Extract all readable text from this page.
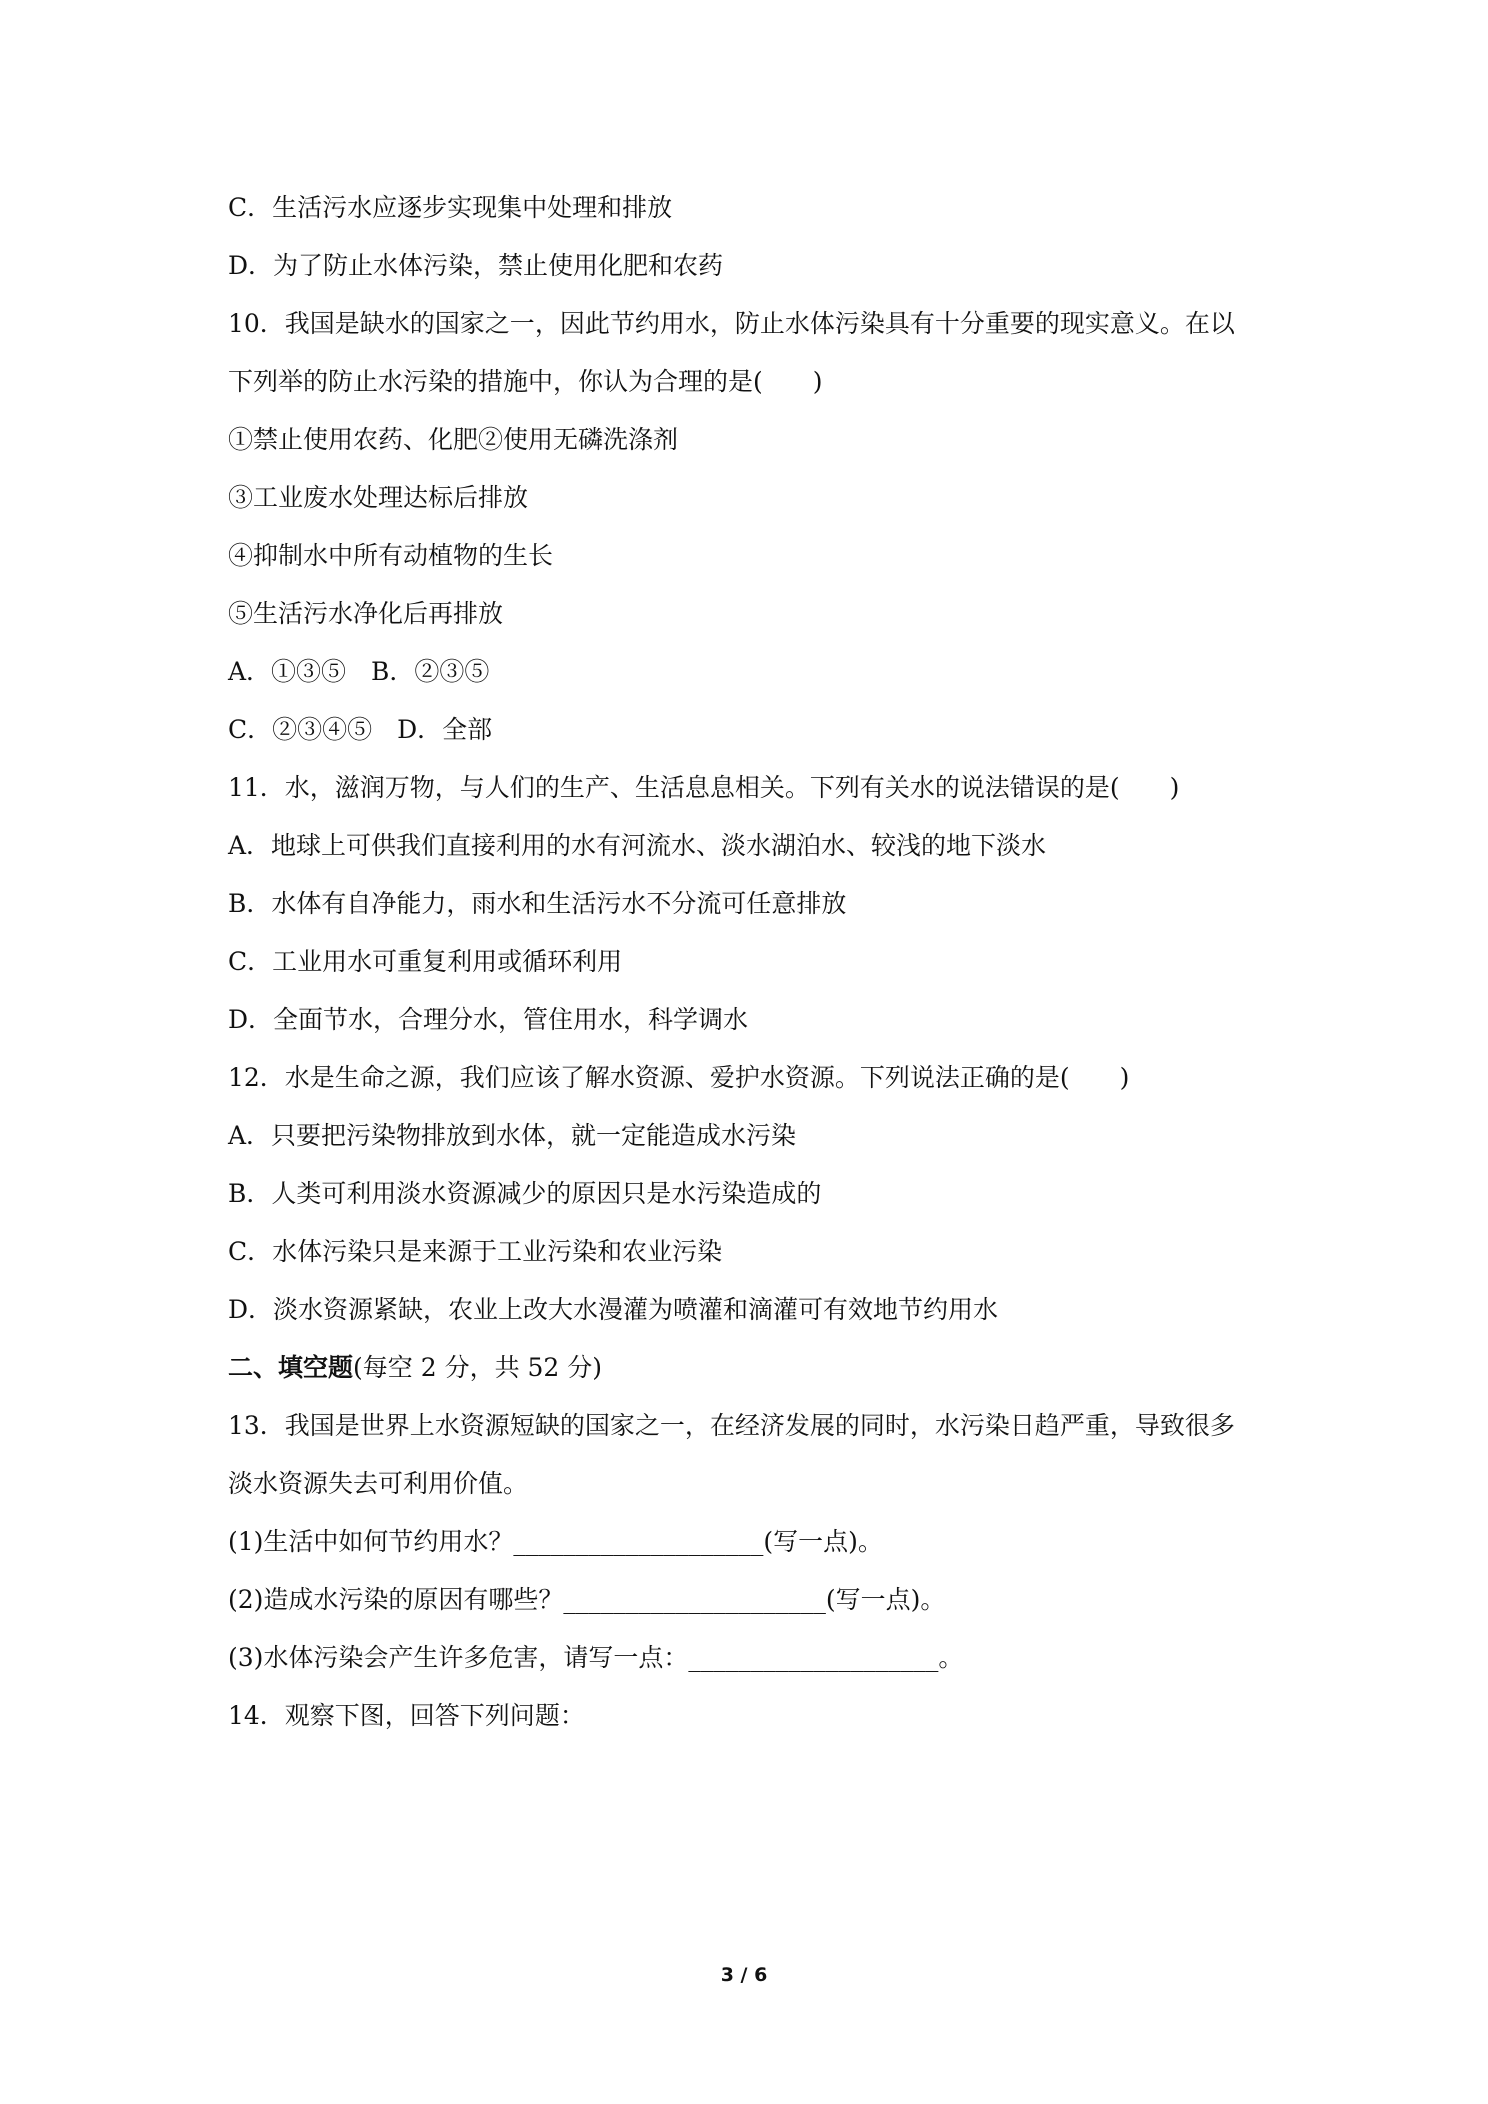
C．生活污水应逐步实现集中处理和排放
D．为了防止水体污染，禁止使用化肥和农药
10．我国是缺水的国家之一，因此节约用水，防止水体污染具有十分重要的现实意义。在以
下列举的防止水污染的措施中，你认为合理的是(　　)
①禁止使用农药、化肥②使用无磷洗涤剂
③工业废水处理达标后排放
④抑制水中所有动植物的生长
⑤生活污水净化后再排放
A．①③⑤　B．②③⑤
C．②③④⑤　D．全部
11．水，滋润万物，与人们的生产、生活息息相关。下列有关水的说法错误的是(　　)
A．地球上可供我们直接利用的水有河流水、淡水湖泊水、较浅的地下淡水
B．水体有自净能力，雨水和生活污水不分流可任意排放
C．工业用水可重复利用或循环利用
D．全面节水，合理分水，管住用水，科学调水
12．水是生命之源，我们应该了解水资源、爱护水资源。下列说法正确的是(　　)
A．只要把污染物排放到水体，就一定能造成水污染
B．人类可利用淡水资源减少的原因只是水污染造成的
C．水体污染只是来源于工业污染和农业污染
D．淡水资源紧缺，农业上改大水漫灌为喷灌和滴灌可有效地节约用水
二、填空题(每空 2 分，共 52 分)
13．我国是世界上水资源短缺的国家之一，在经济发展的同时，水污染日趋严重，导致很多
淡水资源失去可利用价值。
(1)生活中如何节约用水？____________________(写一点)。
(2)造成水污染的原因有哪些？_____________________(写一点)。
(3)水体污染会产生许多危害，请写一点：____________________。
14．观察下图，回答下列问题：
3 / 6
